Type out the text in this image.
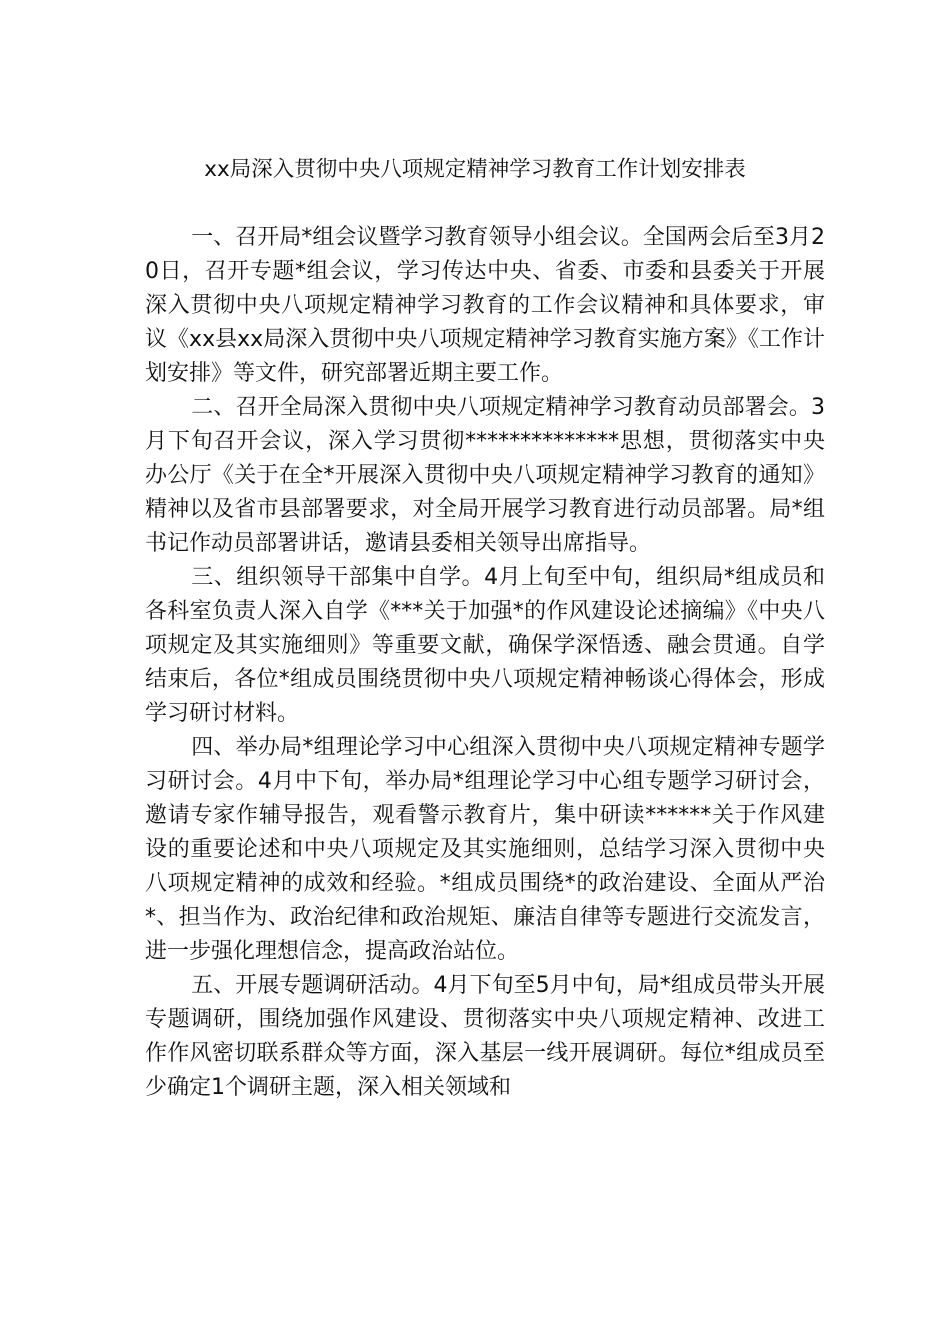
xx局深入贯彻中央八项规定精神学习教育工作计划安排表

一、召开局*组会议暨学习教育领导小组会议。全国两会后至3月20日，召开专题*组会议，学习传达中央、省委、市委和县委关于开展深入贯彻中央八项规定精神学习教育的工作会议精神和具体要求，审议《xx县xx局深入贯彻中央八项规定精神学习教育实施方案》《工作计划安排》等文件，研究部署近期主要工作。

二、召开全局深入贯彻中央八项规定精神学习教育动员部署会。3月下旬召开会议，深入学习贯彻**************思想，贯彻落实中央办公厅《关于在全*开展深入贯彻中央八项规定精神学习教育的通知》精神以及省市县部署要求，对全局开展学习教育进行动员部署。局*组书记作动员部署讲话，邀请县委相关领导出席指导。

三、组织领导干部集中自学。4月上旬至中旬，组织局*组成员和各科室负责人深入自学《***关于加强*的作风建设论述摘编》《中央八项规定及其实施细则》等重要文献，确保学深悟透、融会贯通。自学结束后，各位*组成员围绕贯彻中央八项规定精神畅谈心得体会，形成学习研讨材料。

四、举办局*组理论学习中心组深入贯彻中央八项规定精神专题学习研讨会。4月中下旬，举办局*组理论学习中心组专题学习研讨会，邀请专家作辅导报告，观看警示教育片，集中研读******关于作风建设的重要论述和中央八项规定及其实施细则，总结学习深入贯彻中央八项规定精神的成效和经验。*组成员围绕*的政治建设、全面从严治*、担当作为、政治纪律和政治规矩、廉洁自律等专题进行交流发言，进一步强化理想信念，提高政治站位。

五、开展专题调研活动。4月下旬至5月中旬，局*组成员带头开展专题调研，围绕加强作风建设、贯彻落实中央八项规定精神、改进工作作风密切联系群众等方面，深入基层一线开展调研。每位*组成员至少确定1个调研主题，深入相关领域和
